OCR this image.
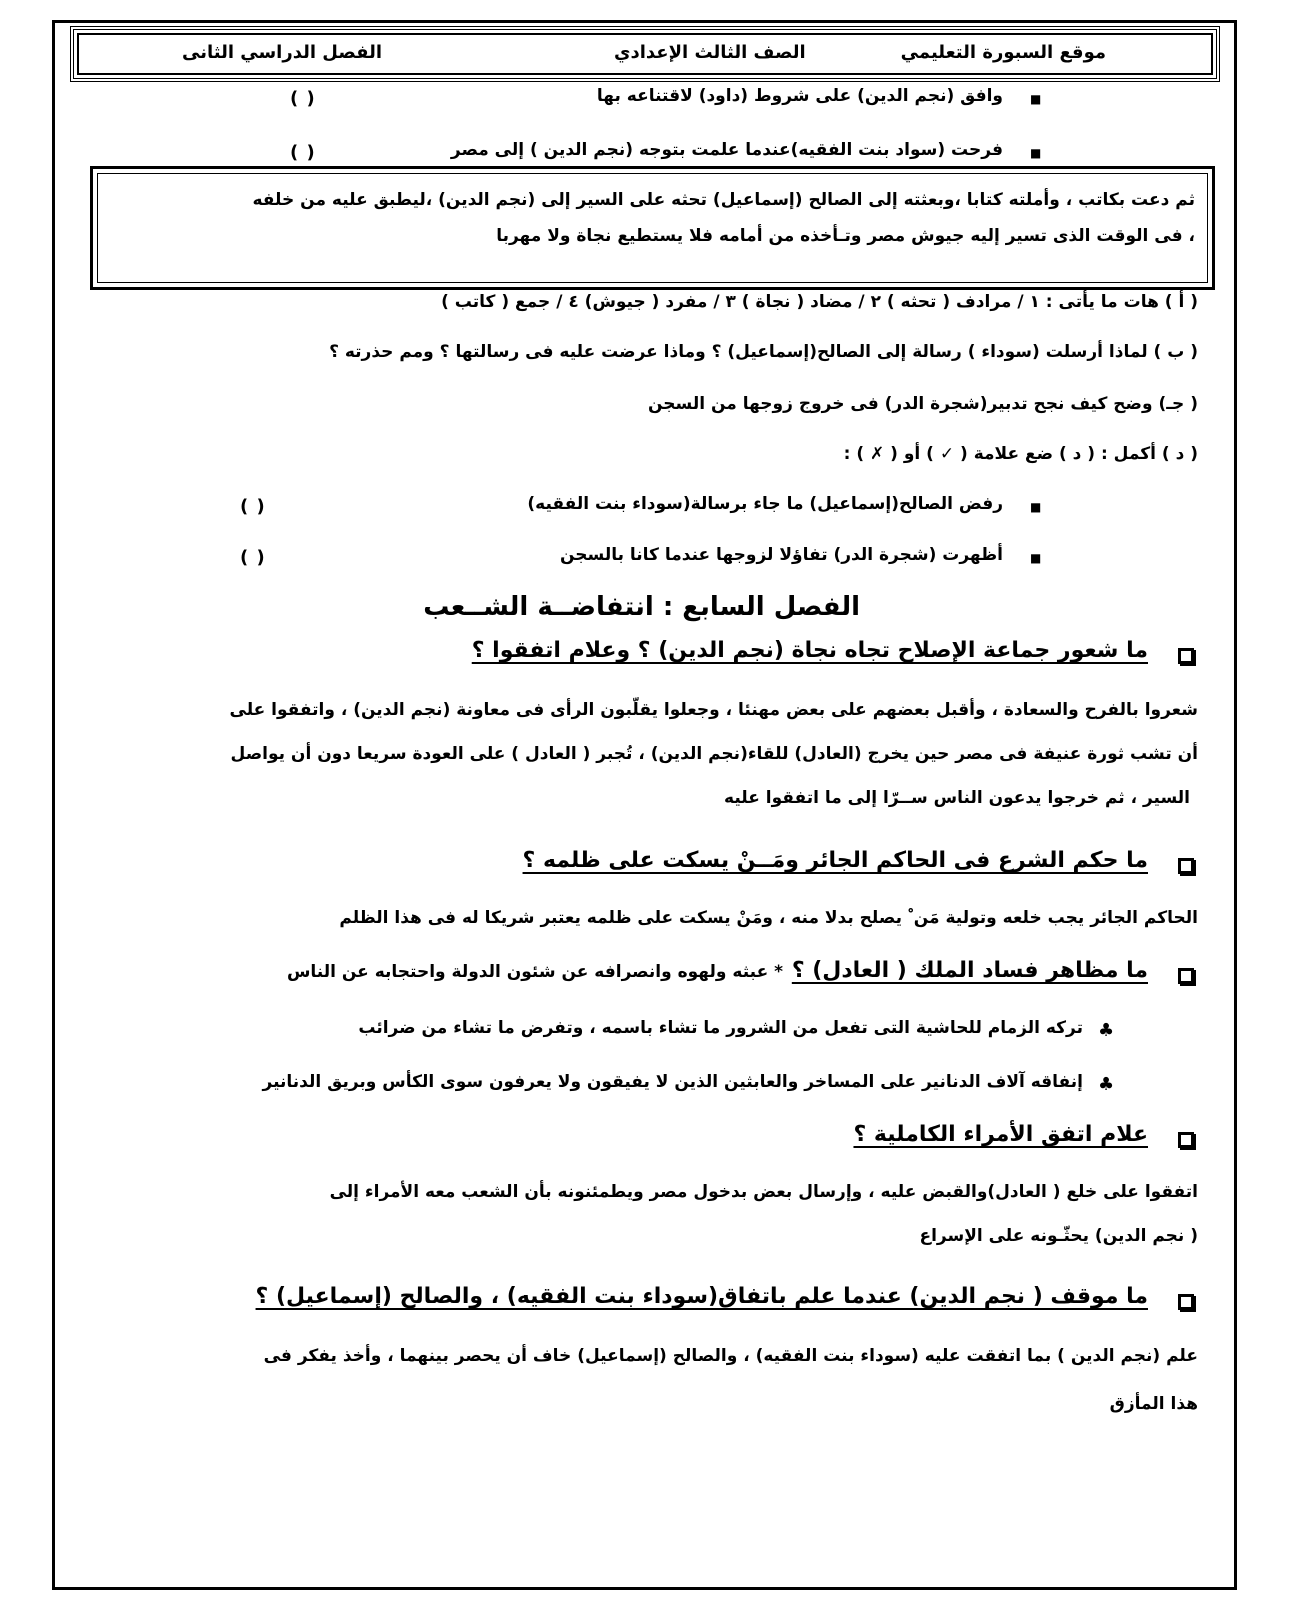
موقع السبورة التعليمي
الصف الثالث الإعدادي
الفصل الدراسي الثانى
■
وافق (نجم الدين) على شروط (داود) لاقتناعه بها
( )
■
فرحت (سواد بنت الفقيه)عندما علمت بتوجه (نجم الدين ) إلى مصر
( )
ثم دعت بكاتب ، وأملته كتابا ،وبعثته إلى الصالح (إسماعيل) تحثه على السير إلى (نجم الدين) ،ليطبق عليه من خلفه
، فى الوقت الذى تسير إليه جيوش مصر وتـأخذه من أمامه فلا يستطيع نجاة ولا مهربا
( أ ) هات ما يأتى : ١ / مرادف ( تحثه ) ٢ / مضاد ( نجاة ) ٣ / مفرد ( جيوش) ٤ / جمع ( كاتب )
( ب ) لماذا أرسلت (سوداء ) رسالة إلى الصالح(إسماعيل) ؟ وماذا عرضت عليه فى رسالتها ؟ ومم حذرته ؟
( جـ) وضح كيف نجح تدبير(شجرة الدر) فى خروج زوجها من السجن
( د ) أكمل : ( د ) ضع علامة ( ✓ ) أو ( ✗ ) :
■
رفض الصالح(إسماعيل) ما جاء برسالة(سوداء بنت الفقيه)
( )
■
أظهرت (شجرة الدر) تفاؤلا لزوجها عندما كانا بالسجن
( )
الفصل السابع : انتفاضــة الشــعب
ما شعور جماعة الإصلاح تجاه نجاة (نجم الدين) ؟ وعلام اتفقوا ؟
شعروا بالفرح والسعادة ، وأقبل بعضهم على بعض مهنئا ، وجعلوا يقلّبون الرأى فى معاونة (نجم الدين) ، واتفقوا على
أن تشب ثورة عنيفة فى مصر حين يخرج (العادل) للقاء(نجم الدين) ، تُجبر ( العادل ) على العودة سريعا دون أن يواصل
السير ، ثم خرجوا يدعون الناس ســرّا إلى ما اتفقوا عليه
ما حكم الشرع فى الحاكم الجائر ومَــنْ يسكت على ظلمه ؟
الحاكم الجائر يجب خلعه وتولية مَن ْ يصلح بدلا منه ، ومَنْ يسكت على ظلمه يعتبر شريكا له فى هذا الظلم
ما مظاهر فساد الملك ( العادل) ؟
* عبثه ولهوه وانصرافه عن شئون الدولة واحتجابه عن الناس
♣
تركه الزمام للحاشية التى تفعل من الشرور ما تشاء باسمه ، وتفرض ما تشاء من ضرائب
♣
إنفاقه آلاف الدنانير على المساخر والعابثين الذين لا يفيقون ولا يعرفون سوى الكأس وبريق الدنانير
علام اتفق الأمراء الكاملية ؟
اتفقوا على خلع ( العادل)والقبض عليه ، وإرسال بعض بدخول مصر ويطمئنونه بأن الشعب معه الأمراء إلى
( نجم الدين) يحثّـونه على الإسراع
ما موقف ( نجم الدين) عندما علم باتفاق(سوداء بنت الفقيه) ، والصالح (إسماعيل) ؟
علم (نجم الدين ) بما اتفقت عليه (سوداء بنت الفقيه) ، والصالح (إسماعيل) خاف أن يحصر بينهما ، وأخذ يفكر فى
هذا المأزق
